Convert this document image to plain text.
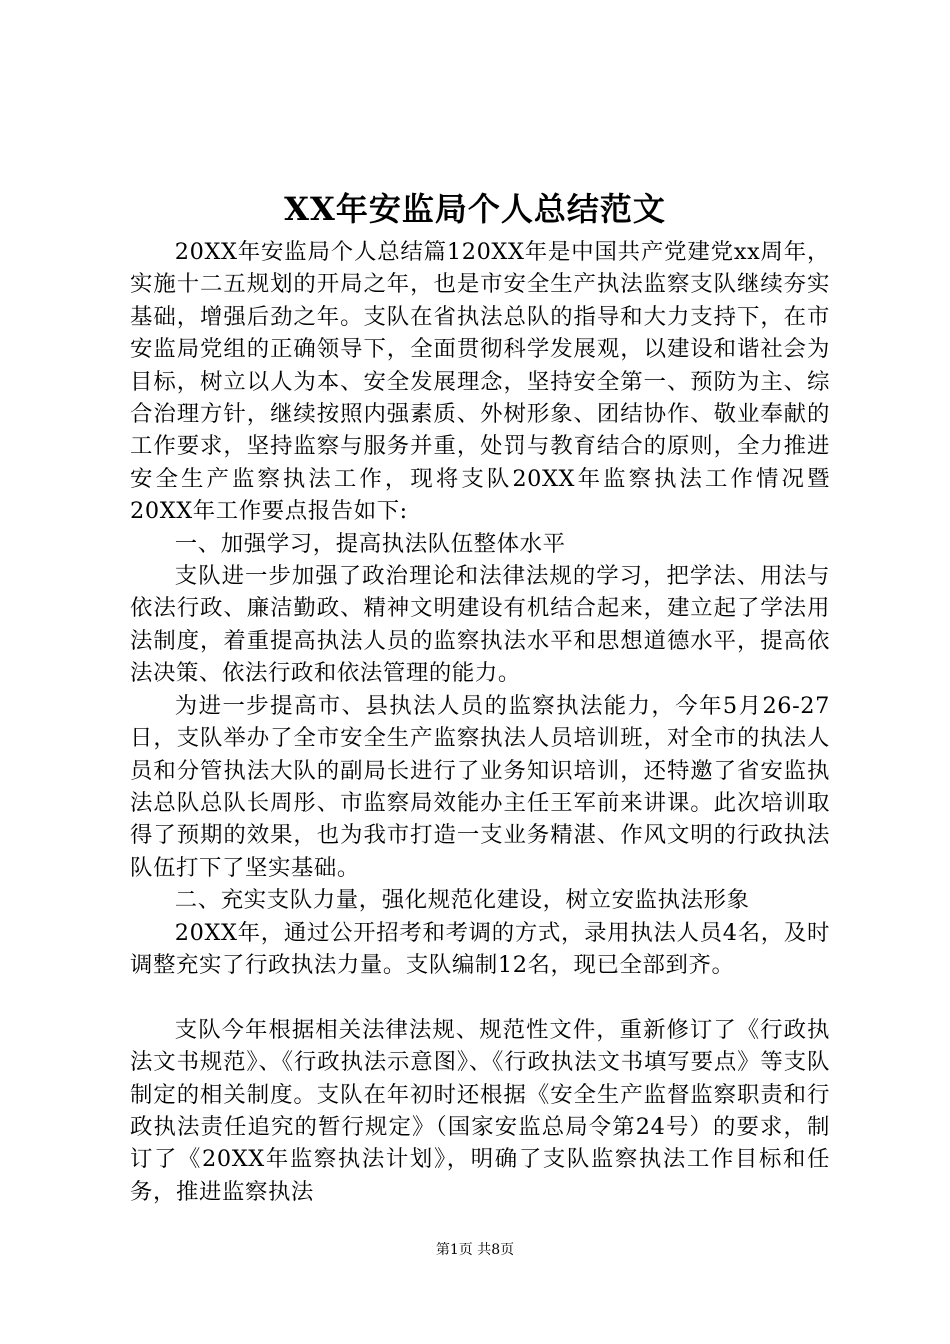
XX年安监局个人总结范文

20XX年安监局个人总结篇120XX年是中国共产党建党xx周年，实施十二五规划的开局之年，也是市安全生产执法监察支队继续夯实基础，增强后劲之年。支队在省执法总队的指导和大力支持下，在市安监局党组的正确领导下，全面贯彻科学发展观，以建设和谐社会为目标，树立以人为本、安全发展理念，坚持安全第一、预防为主、综合治理方针，继续按照内强素质、外树形象、团结协作、敬业奉献的工作要求，坚持监察与服务并重，处罚与教育结合的原则，全力推进安全生产监察执法工作，现将支队20XX年监察执法工作情况暨20XX年工作要点报告如下:

一、加强学习，提高执法队伍整体水平

支队进一步加强了政治理论和法律法规的学习，把学法、用法与依法行政、廉洁勤政、精神文明建设有机结合起来，建立起了学法用法制度，着重提高执法人员的监察执法水平和思想道德水平，提高依法决策、依法行政和依法管理的能力。

为进一步提高市、县执法人员的监察执法能力，今年5月26-27日，支队举办了全市安全生产监察执法人员培训班，对全市的执法人员和分管执法大队的副局长进行了业务知识培训，还特邀了省安监执法总队总队长周彤、市监察局效能办主任王军前来讲课。此次培训取得了预期的效果，也为我市打造一支业务精湛、作风文明的行政执法队伍打下了坚实基础。

二、充实支队力量，强化规范化建设，树立安监执法形象

20XX年，通过公开招考和考调的方式，录用执法人员4名，及时调整充实了行政执法力量。支队编制12名，现已全部到齐。

支队今年根据相关法律法规、规范性文件，重新修订了《行政执法文书规范》、《行政执法示意图》、《行政执法文书填写要点》等支队制定的相关制度。支队在年初时还根据《安全生产监督监察职责和行政执法责任追究的暂行规定》（国家安监总局令第24号）的要求，制订了《20XX年监察执法计划》，明确了支队监察执法工作目标和任务，推进监察执法

第1页 共8页
